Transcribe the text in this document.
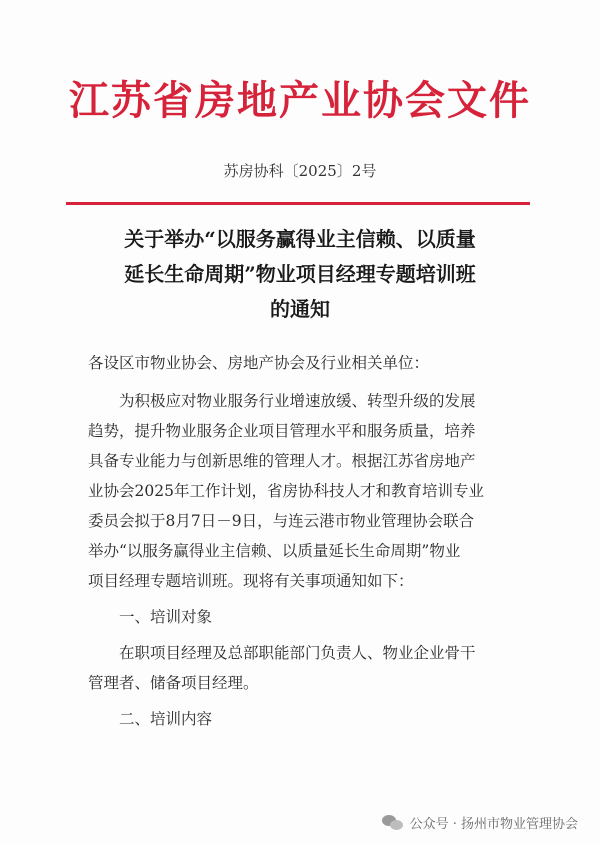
江苏省房地产业协会文件
苏房协科〔2025〕2号
关于举办“以服务赢得业主信赖、以质量
延长生命周期”物业项目经理专题培训班
的通知

各设区市物业协会、房地产协会及行业相关单位：

为积极应对物业服务行业增速放缓、转型升级的发展
趋势，提升物业服务企业项目管理水平和服务质量，培养
具备专业能力与创新思维的管理人才。根据江苏省房地产
业协会2025年工作计划，省房协科技人才和教育培训专业
委员会拟于8月7日－9日，与连云港市物业管理协会联合
举办“以服务赢得业主信赖、以质量延长生命周期”物业
项目经理专题培训班。现将有关事项通知如下：

一、培训对象

在职项目经理及总部职能部门负责人、物业企业骨干
管理者、储备项目经理。

二、培训内容

公众号 · 扬州市物业管理协会
